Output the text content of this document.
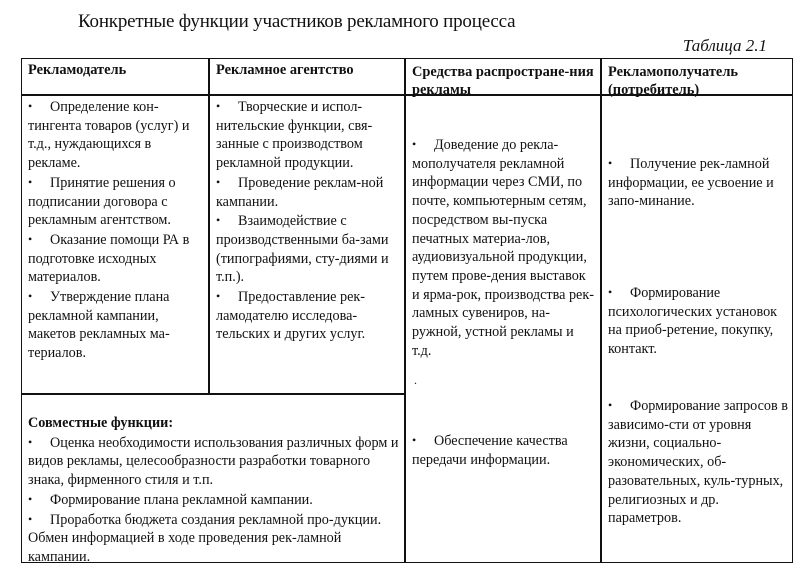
Конкретные функции участников рекламного процесса
Таблица 2.1
Рекламодатель	Рекламное агентство	Средства распростране-ния рекламы
Рекламополучатель (потребитель)

• Определение кон-тингента товаров (услуг) и т.д., нуждающихся в рекламе.

• Принятие решения о подписании договора с рекламным агентством.

• Оказание помощи РА в подготовке исходных материалов.

• Утверждение плана рекламной кампании, макетов рекламных ма-териалов.

• Творческие и испол-нительские функции, свя-занные с производством рекламной продукции.

• Проведение реклам-ной кампании.

• Взаимодействие с производственными ба-зами (типографиями, сту-диями и т.п.).

• Предоставление рек-ламодателю исследова-тельских и других услуг.

• Доведение до рекла-мополучателя рекламной информации через СМИ, по почте, компьютерным сетям, посредством вы-пуска печатных материа-лов, аудиовизуальной продукции, путем прове-дения выставок и ярма-рок, производства рек-ламных сувениров, на-ружной, устной рекламы и т.д.

• Обеспечение качества передачи информации.

• Получение рек-ламной информации, ее усвоение и запо-минание.

• Формирование психологических установок на приоб-ретение, покупку, контакт.

• Формирование запросов в зависимо-сти от уровня жизни, социально-экономических, об-разовательных, куль-турных, религиозных и др. параметров.

Совместные функции:

• Оценка необходимости использования различных форм и видов рекламы, целесообразности разработки товарного знака, фирменного стиля и т.п.

• Формирование плана рекламной кампании.

• Проработка бюджета создания рекламной про-дукции. Обмен информацией в ходе проведения рек-ламной кампании.

.
